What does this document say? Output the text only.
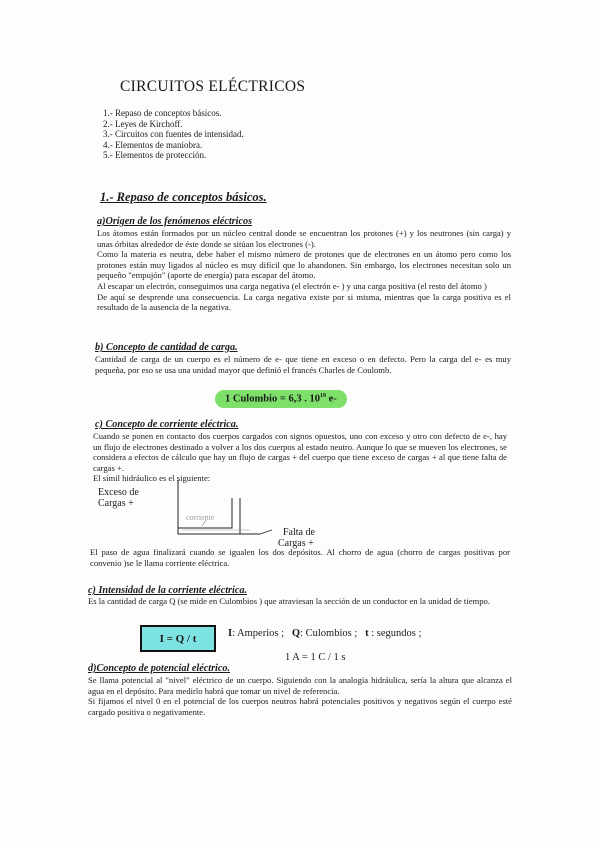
CIRCUITOS ELÉCTRICOS
1.- Repaso de conceptos básicos.
2.- Leyes de Kirchoff.
3.- Circuitos con fuentes de intensidad.
4.- Elementos de maniobra.
5.- Elementos de protección.
1.- Repaso de conceptos básicos.
a)Origen de los fenómenos eléctricos

Los átomos están formados por un núcleo central donde se encuentran los protones (+) y los neutrones (sin carga) y unas órbitas alrededor de éste donde se sitúan los electrones (-).

Como la materia es neutra, debe haber el mismo número de protones que de electrones en un átomo pero como los protones están muy ligados al núcleo es muy difícil que lo abandonen. Sin embargo, los electrones necesitan solo un pequeño "empujón" (aporte de energía) para escapar del átomo.

Al escapar un electrón, conseguimos una carga negativa (el electrón e- ) y una carga positiva (el resto del átomo )

De aquí se desprende una consecuencia. La carga negativa existe por si misma, mientras que la carga positiva es el resultado de la ausencia de la negativa.

b) Concepto de cantidad de carga.
Cantidad de carga de un cuerpo es el número de e- que tiene en exceso o en defecto. Pero la carga del e- es muy pequeña, por eso se usa una unidad mayor que definió el francés Charles de Coulomb.
1 Culombio = 6,3 . $10^{18}$ e-
c) Concepto de corriente eléctrica.

Cuando se ponen en contacto dos cuerpos cargados con signos opuestos, uno con exceso y otro con defecto de e-, hay un flujo de electrones destinado a volver a los dos cuerpos al estado neutro. Aunque lo que se mueven los electrones, se considera a efectos de cálculo que hay un flujo de cargas + del cuerpo que tiene exceso de cargas + al que tiene falta de cargas +.

El símil hidráulico es el siguiente:

Exceso de
Cargas +
corriente
Falta de
Cargas +
El paso de agua finalizará cuando se igualen los dos depósitos. Al chorro de agua (chorro de cargas positivas por convenio )se le llama corriente eléctrica.
c) Intensidad de la corriente eléctrica.
Es la cantidad de carga Q (se mide en Culombios ) que atraviesan la sección de un conductor en la unidad de tiempo.
I = Q / t	I: Amperios ; Q: Culombios ; t : segundos ;
1 A = 1 C / 1 s
d)Concepto de potencial eléctrico.

Se llama potencial al "nivel" eléctrico de un cuerpo. Siguiendo con la analogía hidráulica, sería la altura que alcanza el agua en el depósito. Para medirlo habrá que tomar un nivel de referencia.

Si fijamos el nivel 0 en el potencial de los cuerpos neutros habrá potenciales positivos y negativos según el cuerpo esté cargado positiva o negativamente.
